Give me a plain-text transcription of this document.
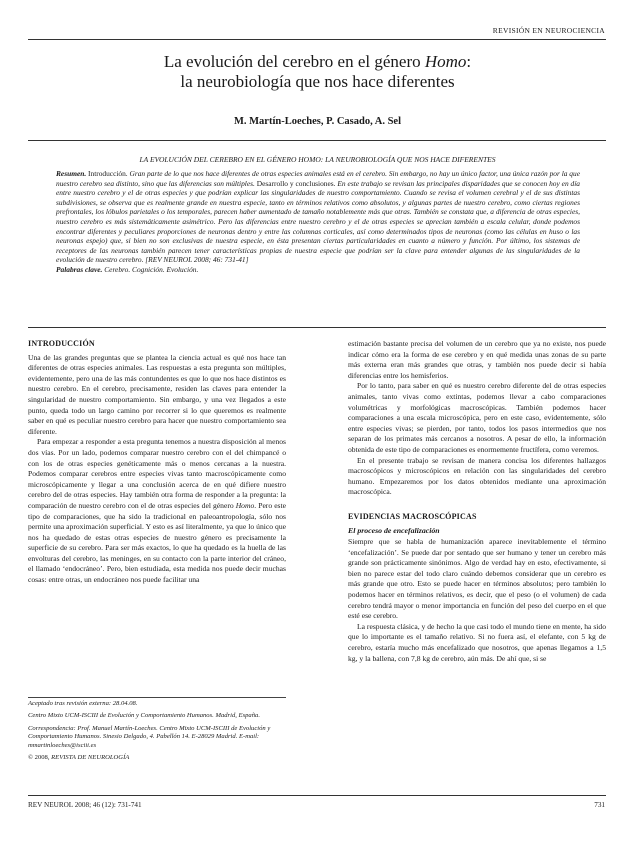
REVISIÓN EN NEUROCIENCIA
La evolución del cerebro en el género Homo:
la neurobiología que nos hace diferentes
M. Martín-Loeches, P. Casado, A. Sel
LA EVOLUCIÓN DEL CEREBRO EN EL GÉNERO HOMO: LA NEUROBIOLOGÍA QUE NOS HACE DIFERENTES
Resumen. Introducción. Gran parte de lo que nos hace diferentes de otras especies animales está en el cerebro. Sin embargo, no hay un único factor, una única razón por la que nuestro cerebro sea distinto, sino que las diferencias son múltiples. Desarrollo y conclusiones. En este trabajo se revisan las principales disparidades que se conocen hoy en día entre nuestro cerebro y el de otras especies y que podrían explicar las singularidades de nuestro comportamiento. Cuando se revisa el volumen cerebral y el de sus distintas subdivisiones, se observa que es realmente grande en nuestra especie, tanto en términos relativos como absolutos, y algunas partes de nuestro cerebro, como ciertas regiones prefrontales, los lóbulos parietales o los temporales, parecen haber aumentado de tamaño notablemente más que otras. También se constata que, a diferencia de otras especies, nuestro cerebro es más sistemáticamente asimétrico. Pero las diferencias entre nuestro cerebro y el de otras especies se aprecian también a escala celular, donde podemos encontrar diferentes y peculiares proporciones de neuronas dentro y entre las columnas corticales, así como determinados tipos de neuronas (como las células en huso o las neuronas espejo) que, si bien no son exclusivas de nuestra especie, en ésta presentan ciertas particularidades en cuanto a número y función. Por último, los sistemas de receptores de las neuronas también parecen tener características propias de nuestra especie que podrían ser la clave para entender algunas de las singularidades de la evolución de nuestro cerebro. [REV NEUROL 2008; 46: 731-41]
Palabras clave. Cerebro. Cognición. Evolución.
INTRODUCCIÓN

Una de las grandes preguntas que se plantea la ciencia actual es qué nos hace tan diferentes de otras especies animales. Las respuestas a esta pregunta son múltiples, evidentemente, pero una de las más contundentes es que lo que nos hace distintos es nuestro cerebro. En el cerebro, precisamente, residen las claves para entender la singularidad de nuestro comportamiento. Sin embargo, y una vez llegados a este punto, queda todo un largo camino por recorrer si lo que queremos es realmente saber en qué es peculiar nuestro cerebro para hacer que nuestro comportamiento sea diferente.

Para empezar a responder a esta pregunta tenemos a nuestra disposición al menos dos vías. Por un lado, podemos comparar nuestro cerebro con el del chimpancé o con los de otras especies genéticamente más o menos cercanas a la nuestra. Podemos comparar cerebros entre especies vivas tanto macroscópicamente como microscópicamente y llegar a una conclusión acerca de en qué difiere nuestro cerebro del de otras especies. Hay también otra forma de responder a la pregunta: la comparación de nuestro cerebro con el de otras especies del género Homo. Pero este tipo de comparaciones, que ha sido la tradicional en paleoantropología, sólo nos permite una aproximación superficial. Y esto es así literalmente, ya que lo único que nos ha quedado de estas otras especies de nuestro género es precisamente la superficie de su cerebro. Para ser más exactos, lo que ha quedado es la huella de las envolturas del cerebro, las meninges, en su contacto con la parte interior del cráneo, el llamado ‘endocráneo’. Pero, bien estudiada, esta medida nos puede decir muchas cosas: entre otras, un endocráneo nos puede facilitar una

Aceptado tras revisión externa: 28.04.08.

Centro Mixto UCM-ISCIII de Evolución y Comportamiento Humanos. Madrid, España.

Correspondencia: Prof. Manuel Martín-Loeches. Centro Mixto UCM-ISCIII de Evolución y Comportamiento Humanos. Sinesio Delgado, 4. Pabellón 14. E-28029 Madrid. E-mail: mmartinloeches@isciii.es

© 2008, REVISTA DE NEUROLOGÍA

estimación bastante precisa del volumen de un cerebro que ya no existe, nos puede indicar cómo era la forma de ese cerebro y en qué medida unas zonas de su parte más externa eran más grandes que otras, y también nos puede decir si había diferencias entre los hemisferios.

Por lo tanto, para saber en qué es nuestro cerebro diferente del de otras especies animales, tanto vivas como extintas, podemos llevar a cabo comparaciones volumétricas y morfológicas macroscópicas. También podemos hacer comparaciones a una escala microscópica, pero en este caso, evidentemente, sólo entre especies vivas; se pierden, por tanto, todos los pasos intermedios que nos separan de los primates más cercanos a nosotros. A pesar de ello, la información obtenida de este tipo de comparaciones es enormemente fructífera, como veremos.

En el presente trabajo se revisan de manera concisa los diferentes hallazgos macroscópicos y microscópicos en relación con las singularidades del cerebro humano. Empezaremos por los datos obtenidos mediante una aproximación macroscópica.

EVIDENCIAS MACROSCÓPICAS
El proceso de encefalización

Siempre que se habla de humanización aparece inevitablemente el término ‘encefalización’. Se puede dar por sentado que ser humano y tener un cerebro más grande son prácticamente sinónimos. Algo de verdad hay en esto, efectivamente, si bien no parece estar del todo claro cuándo debemos considerar que un cerebro es más grande que otro. Esto se puede hacer en términos absolutos; pero también lo podemos hacer en términos relativos, es decir, que el peso (o el volumen) de cada cerebro tendrá mayor o menor importancia en función del peso del cuerpo en el que esté ese cerebro.

La respuesta clásica, y de hecho la que casi todo el mundo tiene en mente, ha sido que lo importante es el tamaño relativo. Si no fuera así, el elefante, con 5 kg de cerebro, estaría mucho más encefalizado que nosotros, que apenas llegamos a 1,5 kg, y la ballena, con 7,8 kg de cerebro, aún más. De ahí que, si se

REV NEUROL 2008; 46 (12): 731-741	731
